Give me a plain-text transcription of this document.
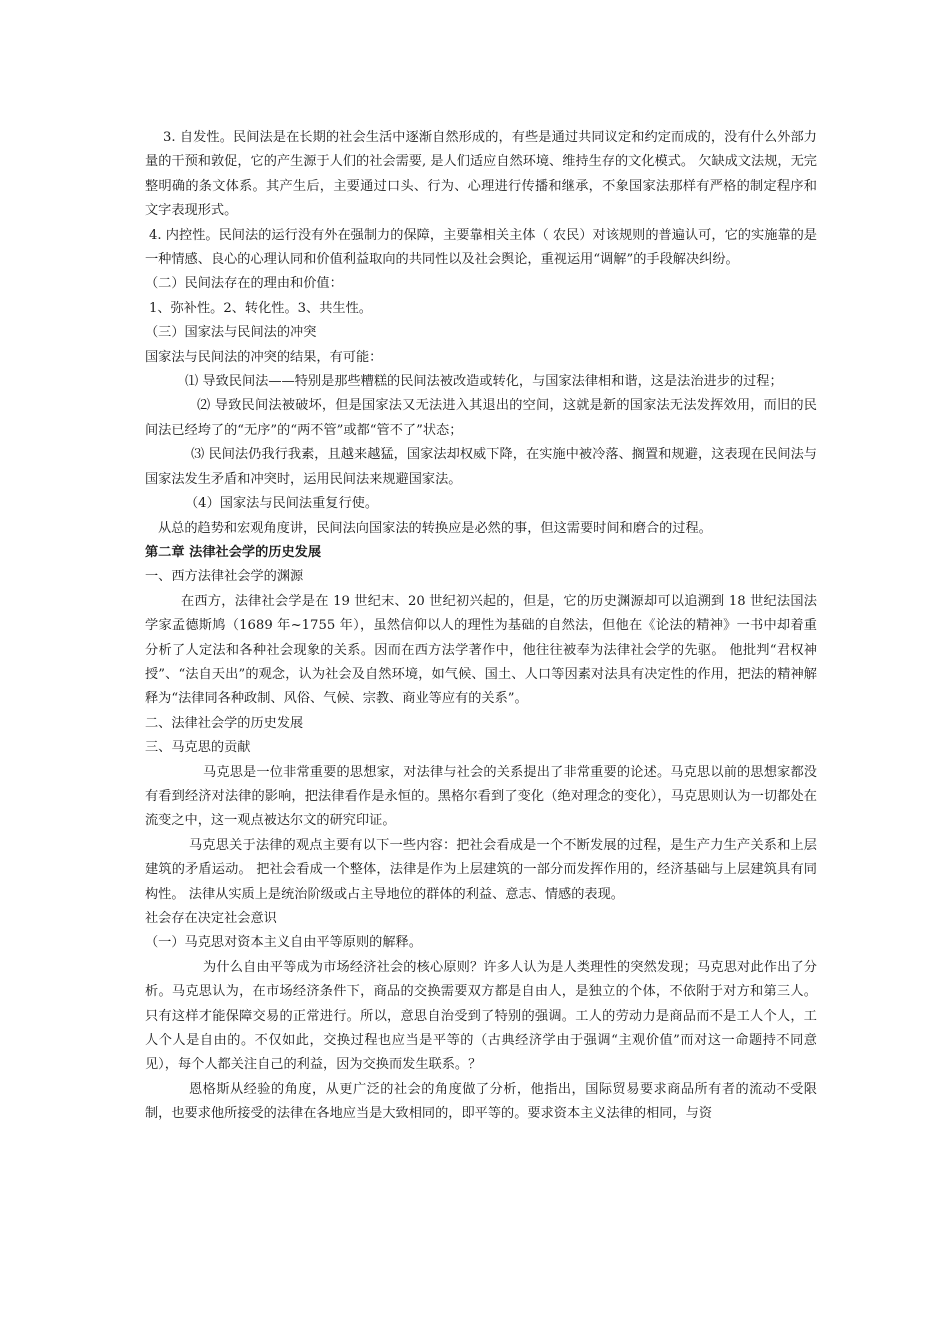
3. 自发性。民间法是在长期的社会生活中逐渐自然形成的，有些是通过共同议定和约定而成的，没有什么外部力量的干预和敦促，它的产生源于人们的社会需要, 是人们适应自然环境、维持生存的文化模式。 欠缺成文法规，无完整明确的条文体系。其产生后，主要通过口头、行为、心理进行传播和继承，不象国家法那样有严格的制定程序和文字表现形式。

4. 内控性。民间法的运行没有外在强制力的保障，主要靠相关主体（ 农民）对该规则的普遍认可，它的实施靠的是一种情感、良心的心理认同和价值利益取向的共同性以及社会舆论，重视运用“调解”的手段解决纠纷。

（二）民间法存在的理由和价值：

1、弥补性。2、转化性。3、共生性。

（三）国家法与民间法的冲突

国家法与民间法的冲突的结果，有可能：

⑴ 导致民间法——特别是那些糟糕的民间法被改造或转化，与国家法律相和谐，这是法治进步的过程；

⑵ 导致民间法被破坏，但是国家法又无法进入其退出的空间，这就是新的国家法无法发挥效用，而旧的民间法已经垮了的“无序”的“两不管”或都“管不了”状态；

⑶ 民间法仍我行我素，且越来越猛，国家法却权威下降，在实施中被冷落、搁置和规避，这表现在民间法与国家法发生矛盾和冲突时，运用民间法来规避国家法。

（4）国家法与民间法重复行使。

从总的趋势和宏观角度讲，民间法向国家法的转换应是必然的事，但这需要时间和磨合的过程。

第二章 法律社会学的历史发展

一、西方法律社会学的渊源

在西方，法律社会学是在 19 世纪末、20 世纪初兴起的，但是，它的历史渊源却可以追溯到 18 世纪法国法学家孟德斯鸠（1689 年~1755 年），虽然信仰以人的理性为基础的自然法，但他在《论法的精神》一书中却着重分析了人定法和各种社会现象的关系。因而在西方法学著作中，他往往被奉为法律社会学的先驱。 他批判“君权神授”、“法自天出”的观念，认为社会及自然环境，如气候、国土、人口等因素对法具有决定性的作用，把法的精神解释为“法律同各种政制、风俗、气候、宗教、商业等应有的关系”。

二、法律社会学的历史发展

三、马克思的贡献

马克思是一位非常重要的思想家，对法律与社会的关系提出了非常重要的论述。马克思以前的思想家都没有看到经济对法律的影响，把法律看作是永恒的。黑格尔看到了变化（绝对理念的变化），马克思则认为一切都处在流变之中，这一观点被达尔文的研究印证。

马克思关于法律的观点主要有以下一些内容：把社会看成是一个不断发展的过程，是生产力生产关系和上层建筑的矛盾运动。 把社会看成一个整体，法律是作为上层建筑的一部分而发挥作用的，经济基础与上层建筑具有同构性。 法律从实质上是统治阶级或占主导地位的群体的利益、意志、情感的表现。

社会存在决定社会意识

（一）马克思对资本主义自由平等原则的解释。

为什么自由平等成为市场经济社会的核心原则？许多人认为是人类理性的突然发现；马克思对此作出了分析。马克思认为，在市场经济条件下，商品的交换需要双方都是自由人，是独立的个体，不依附于对方和第三人。只有这样才能保障交易的正常进行。所以，意思自治受到了特别的强调。工人的劳动力是商品而不是工人个人，工人个人是自由的。不仅如此，交换过程也应当是平等的（古典经济学由于强调“主观价值”而对这一命题持不同意见），每个人都关注自己的利益，因为交换而发生联系。？

恩格斯从经验的角度，从更广泛的社会的角度做了分析，他指出，国际贸易要求商品所有者的流动不受限制，也要求他所接受的法律在各地应当是大致相同的，即平等的。要求资本主义法律的相同，与资
